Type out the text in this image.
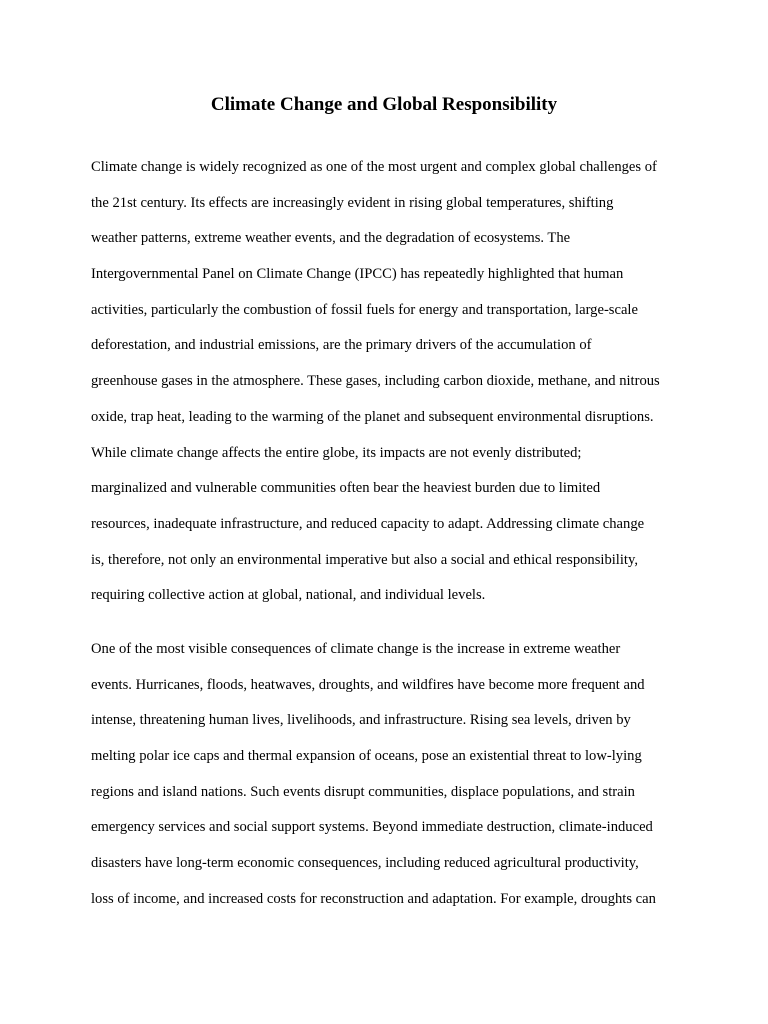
Climate Change and Global Responsibility
Climate change is widely recognized as one of the most urgent and complex global challenges of
the 21st century. Its effects are increasingly evident in rising global temperatures, shifting
weather patterns, extreme weather events, and the degradation of ecosystems. The
Intergovernmental Panel on Climate Change (IPCC) has repeatedly highlighted that human
activities, particularly the combustion of fossil fuels for energy and transportation, large-scale
deforestation, and industrial emissions, are the primary drivers of the accumulation of
greenhouse gases in the atmosphere. These gases, including carbon dioxide, methane, and nitrous
oxide, trap heat, leading to the warming of the planet and subsequent environmental disruptions.
While climate change affects the entire globe, its impacts are not evenly distributed;
marginalized and vulnerable communities often bear the heaviest burden due to limited
resources, inadequate infrastructure, and reduced capacity to adapt. Addressing climate change
is, therefore, not only an environmental imperative but also a social and ethical responsibility,
requiring collective action at global, national, and individual levels.
One of the most visible consequences of climate change is the increase in extreme weather
events. Hurricanes, floods, heatwaves, droughts, and wildfires have become more frequent and
intense, threatening human lives, livelihoods, and infrastructure. Rising sea levels, driven by
melting polar ice caps and thermal expansion of oceans, pose an existential threat to low-lying
regions and island nations. Such events disrupt communities, displace populations, and strain
emergency services and social support systems. Beyond immediate destruction, climate-induced
disasters have long-term economic consequences, including reduced agricultural productivity,
loss of income, and increased costs for reconstruction and adaptation. For example, droughts can
